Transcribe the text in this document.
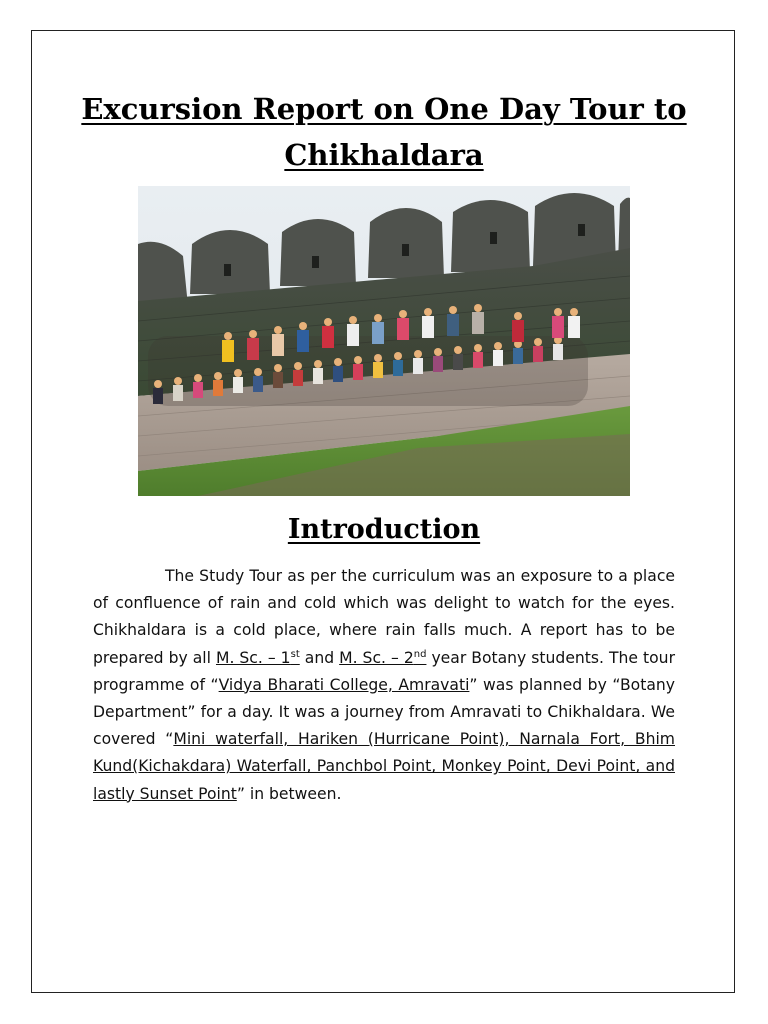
Excursion Report on One Day Tour to Chikhaldara
Introduction

The Study Tour as per the curriculum was an exposure to a place of confluence of rain and cold which was delight to watch for the eyes. Chikhaldara is a cold place, where rain falls much. A report has to be prepared by all M. Sc. – 1st and M. Sc. – 2nd year Botany students. The tour programme of “Vidya Bharati College, Amravati” was planned by “Botany Department” for a day. It was a journey from Amravati to Chikhaldara. We covered “Mini waterfall, Hariken (Hurricane Point), Narnala Fort, Bhim Kund(Kichakdara) Waterfall, Panchbol Point, Monkey Point, Devi Point, and lastly Sunset Point” in between.
